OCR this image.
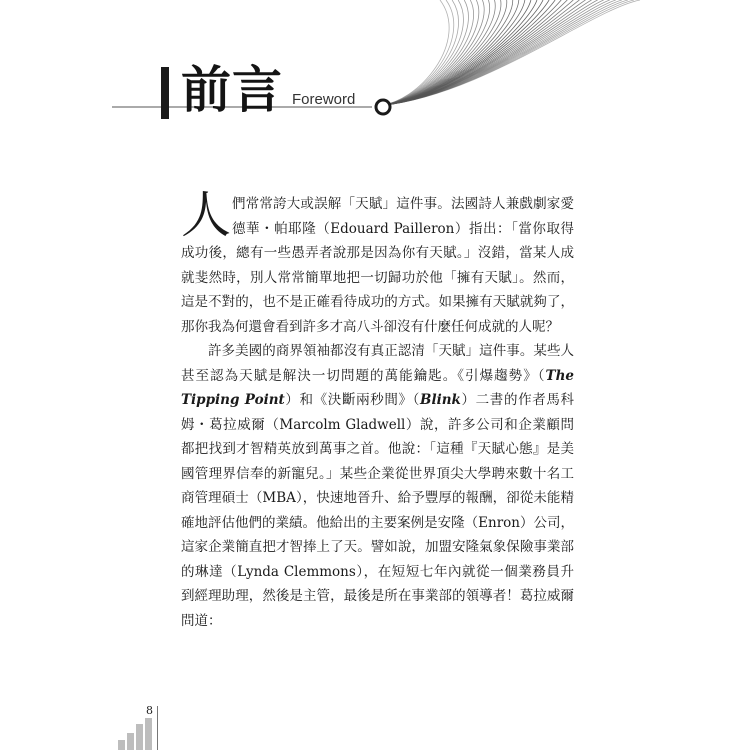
前言 Foreword

人們常常誇大或誤解「天賦」這件事。法國詩人兼戲劇家愛德華・帕耶隆（Edouard Pailleron）指出：「當你取得成功後，總有一些愚弄者說那是因為你有天賦。」沒錯，當某人成就斐然時，別人常常簡單地把一切歸功於他「擁有天賦」。然而，這是不對的，也不是正確看待成功的方式。如果擁有天賦就夠了，那你我為何還會看到許多才高八斗卻沒有什麼任何成就的人呢？

許多美國的商界領袖都沒有真正認清「天賦」這件事。某些人甚至認為天賦是解決一切問題的萬能鑰匙。《引爆趨勢》（The Tipping Point）和《決斷兩秒間》（Blink）二書的作者馬科姆・葛拉威爾（Marcolm Gladwell）說，許多公司和企業顧問都把找到才智精英放到萬事之首。他說：「這種『天賦心態』是美國管理界信奉的新寵兒。」某些企業從世界頂尖大學聘來數十名工商管理碩士（MBA），快速地晉升、給予豐厚的報酬，卻從未能精確地評估他們的業績。他給出的主要案例是安隆（Enron）公司，這家企業簡直把才智捧上了天。譬如說，加盟安隆氣象保險事業部的琳達（Lynda Clemmons），在短短七年內就從一個業務員升到經理助理，然後是主管，最後是所在事業部的領導者！葛拉威爾問道：

8
